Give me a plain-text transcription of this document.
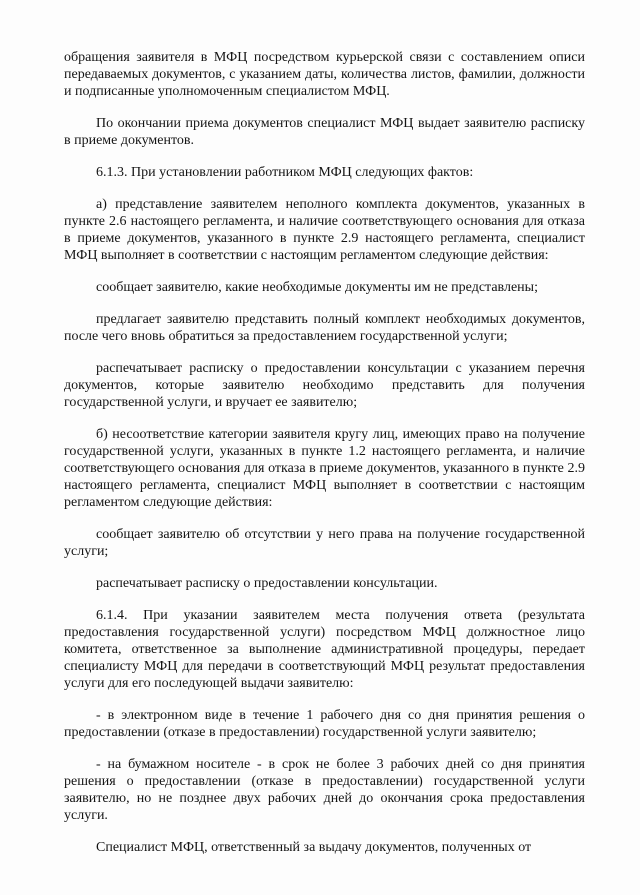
обращения заявителя в МФЦ посредством курьерской связи с составлением описи передаваемых документов, с указанием даты, количества листов, фамилии, должности и подписанные уполномоченным специалистом МФЦ.

По окончании приема документов специалист МФЦ выдает заявителю расписку в приеме документов.

6.1.3. При установлении работником МФЦ следующих фактов:

а) представление заявителем неполного комплекта документов, указанных в пункте 2.6 настоящего регламента, и наличие соответствующего основания для отказа в приеме документов, указанного в пункте 2.9 настоящего регламента, специалист МФЦ выполняет в соответствии с настоящим регламентом следующие действия:

сообщает заявителю, какие необходимые документы им не представлены;

предлагает заявителю представить полный комплект необходимых документов, после чего вновь обратиться за предоставлением государственной услуги;

распечатывает расписку о предоставлении консультации с указанием перечня документов, которые заявителю необходимо представить для получения государственной услуги, и вручает ее заявителю;

б) несоответствие категории заявителя кругу лиц, имеющих право на получение государственной услуги, указанных в пункте 1.2 настоящего регламента, и наличие соответствующего основания для отказа в приеме документов, указанного в пункте 2.9 настоящего регламента, специалист МФЦ выполняет в соответствии с настоящим регламентом следующие действия:

сообщает заявителю об отсутствии у него права на получение государственной услуги;

распечатывает расписку о предоставлении консультации.

6.1.4. При указании заявителем места получения ответа (результата предоставления государственной услуги) посредством МФЦ должностное лицо комитета, ответственное за выполнение административной процедуры, передает специалисту МФЦ для передачи в соответствующий МФЦ результат предоставления услуги для его последующей выдачи заявителю:

- в электронном виде в течение 1 рабочего дня со дня принятия решения о предоставлении (отказе в предоставлении) государственной услуги заявителю;

- на бумажном носителе - в срок не более 3 рабочих дней со дня принятия решения о предоставлении (отказе в предоставлении) государственной услуги заявителю, но не позднее двух рабочих дней до окончания срока предоставления услуги.

Специалист МФЦ, ответственный за выдачу документов, полученных от
